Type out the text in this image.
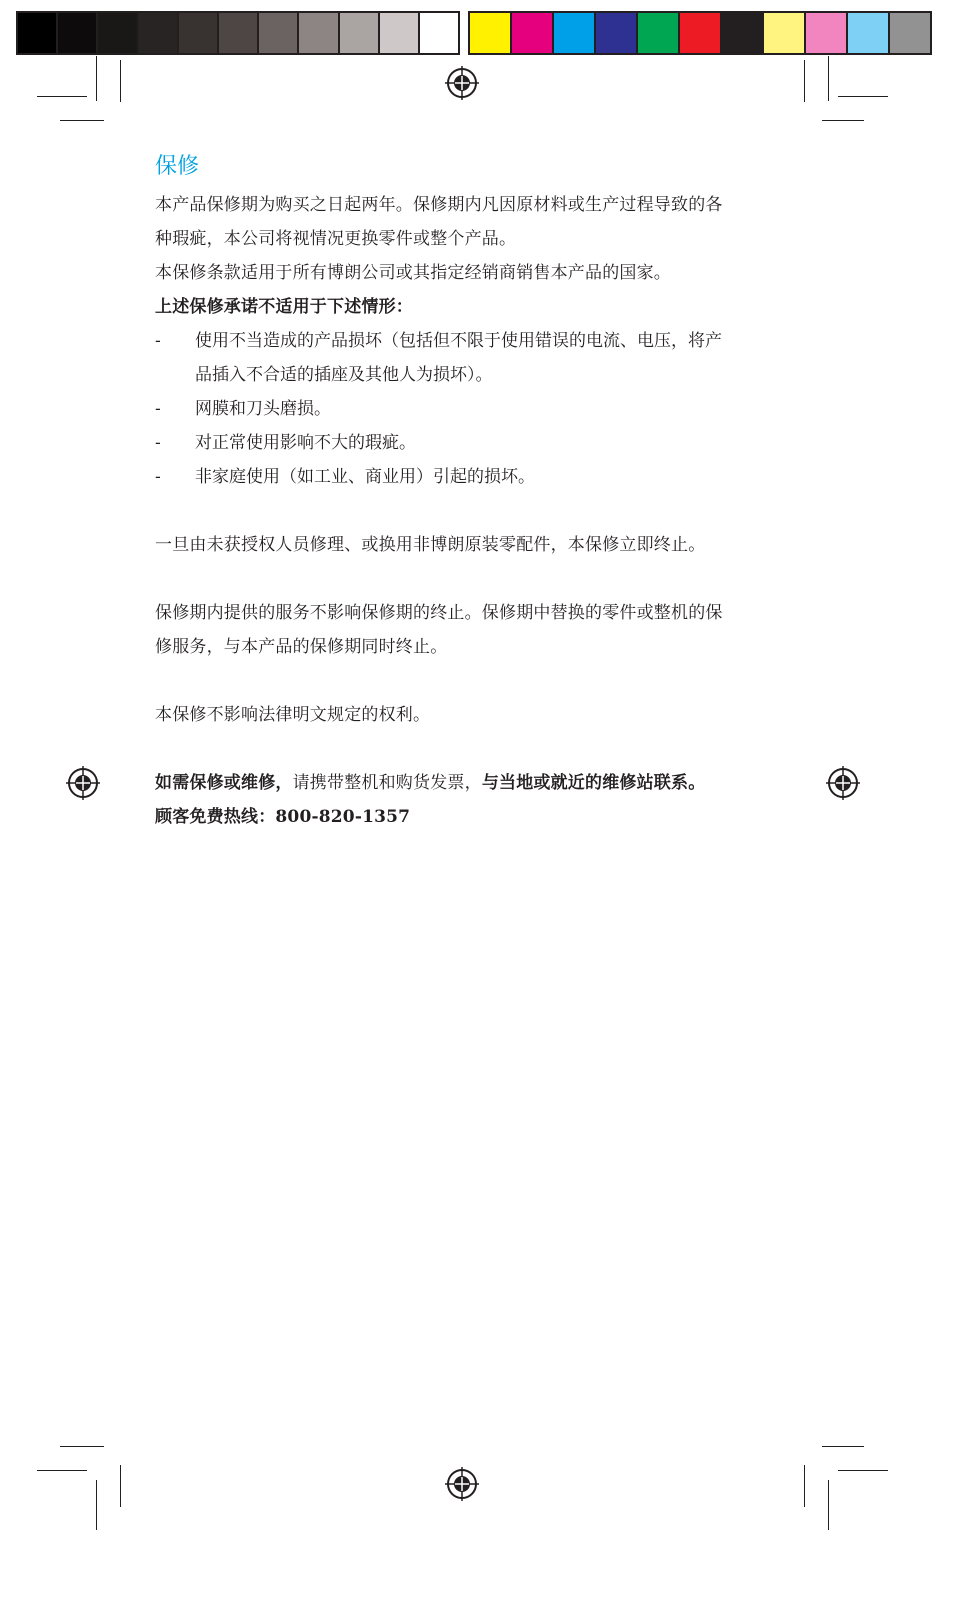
保修

本产品保修期为购买之日起两年。保修期内凡因原材料或生产过程导致的各种瑕疵，本公司将视情况更换零件或整个产品。

本保修条款适用于所有博朗公司或其指定经销商销售本产品的国家。

上述保修承诺不适用于下述情形：

- 使用不当造成的产品损坏（包括但不限于使用错误的电流、电压，将产品插入不合适的插座及其他人为损坏）。
- 网膜和刀头磨损。
- 对正常使用影响不大的瑕疵。
- 非家庭使用（如工业、商业用）引起的损坏。

一旦由未获授权人员修理、或换用非博朗原装零配件，本保修立即终止。

保修期内提供的服务不影响保修期的终止。保修期中替换的零件或整机的保修服务，与本产品的保修期同时终止。

本保修不影响法律明文规定的权利。

如需保修或维修，请携带整机和购货发票，与当地或就近的维修站联系。

顾客免费热线：800-820-1357
